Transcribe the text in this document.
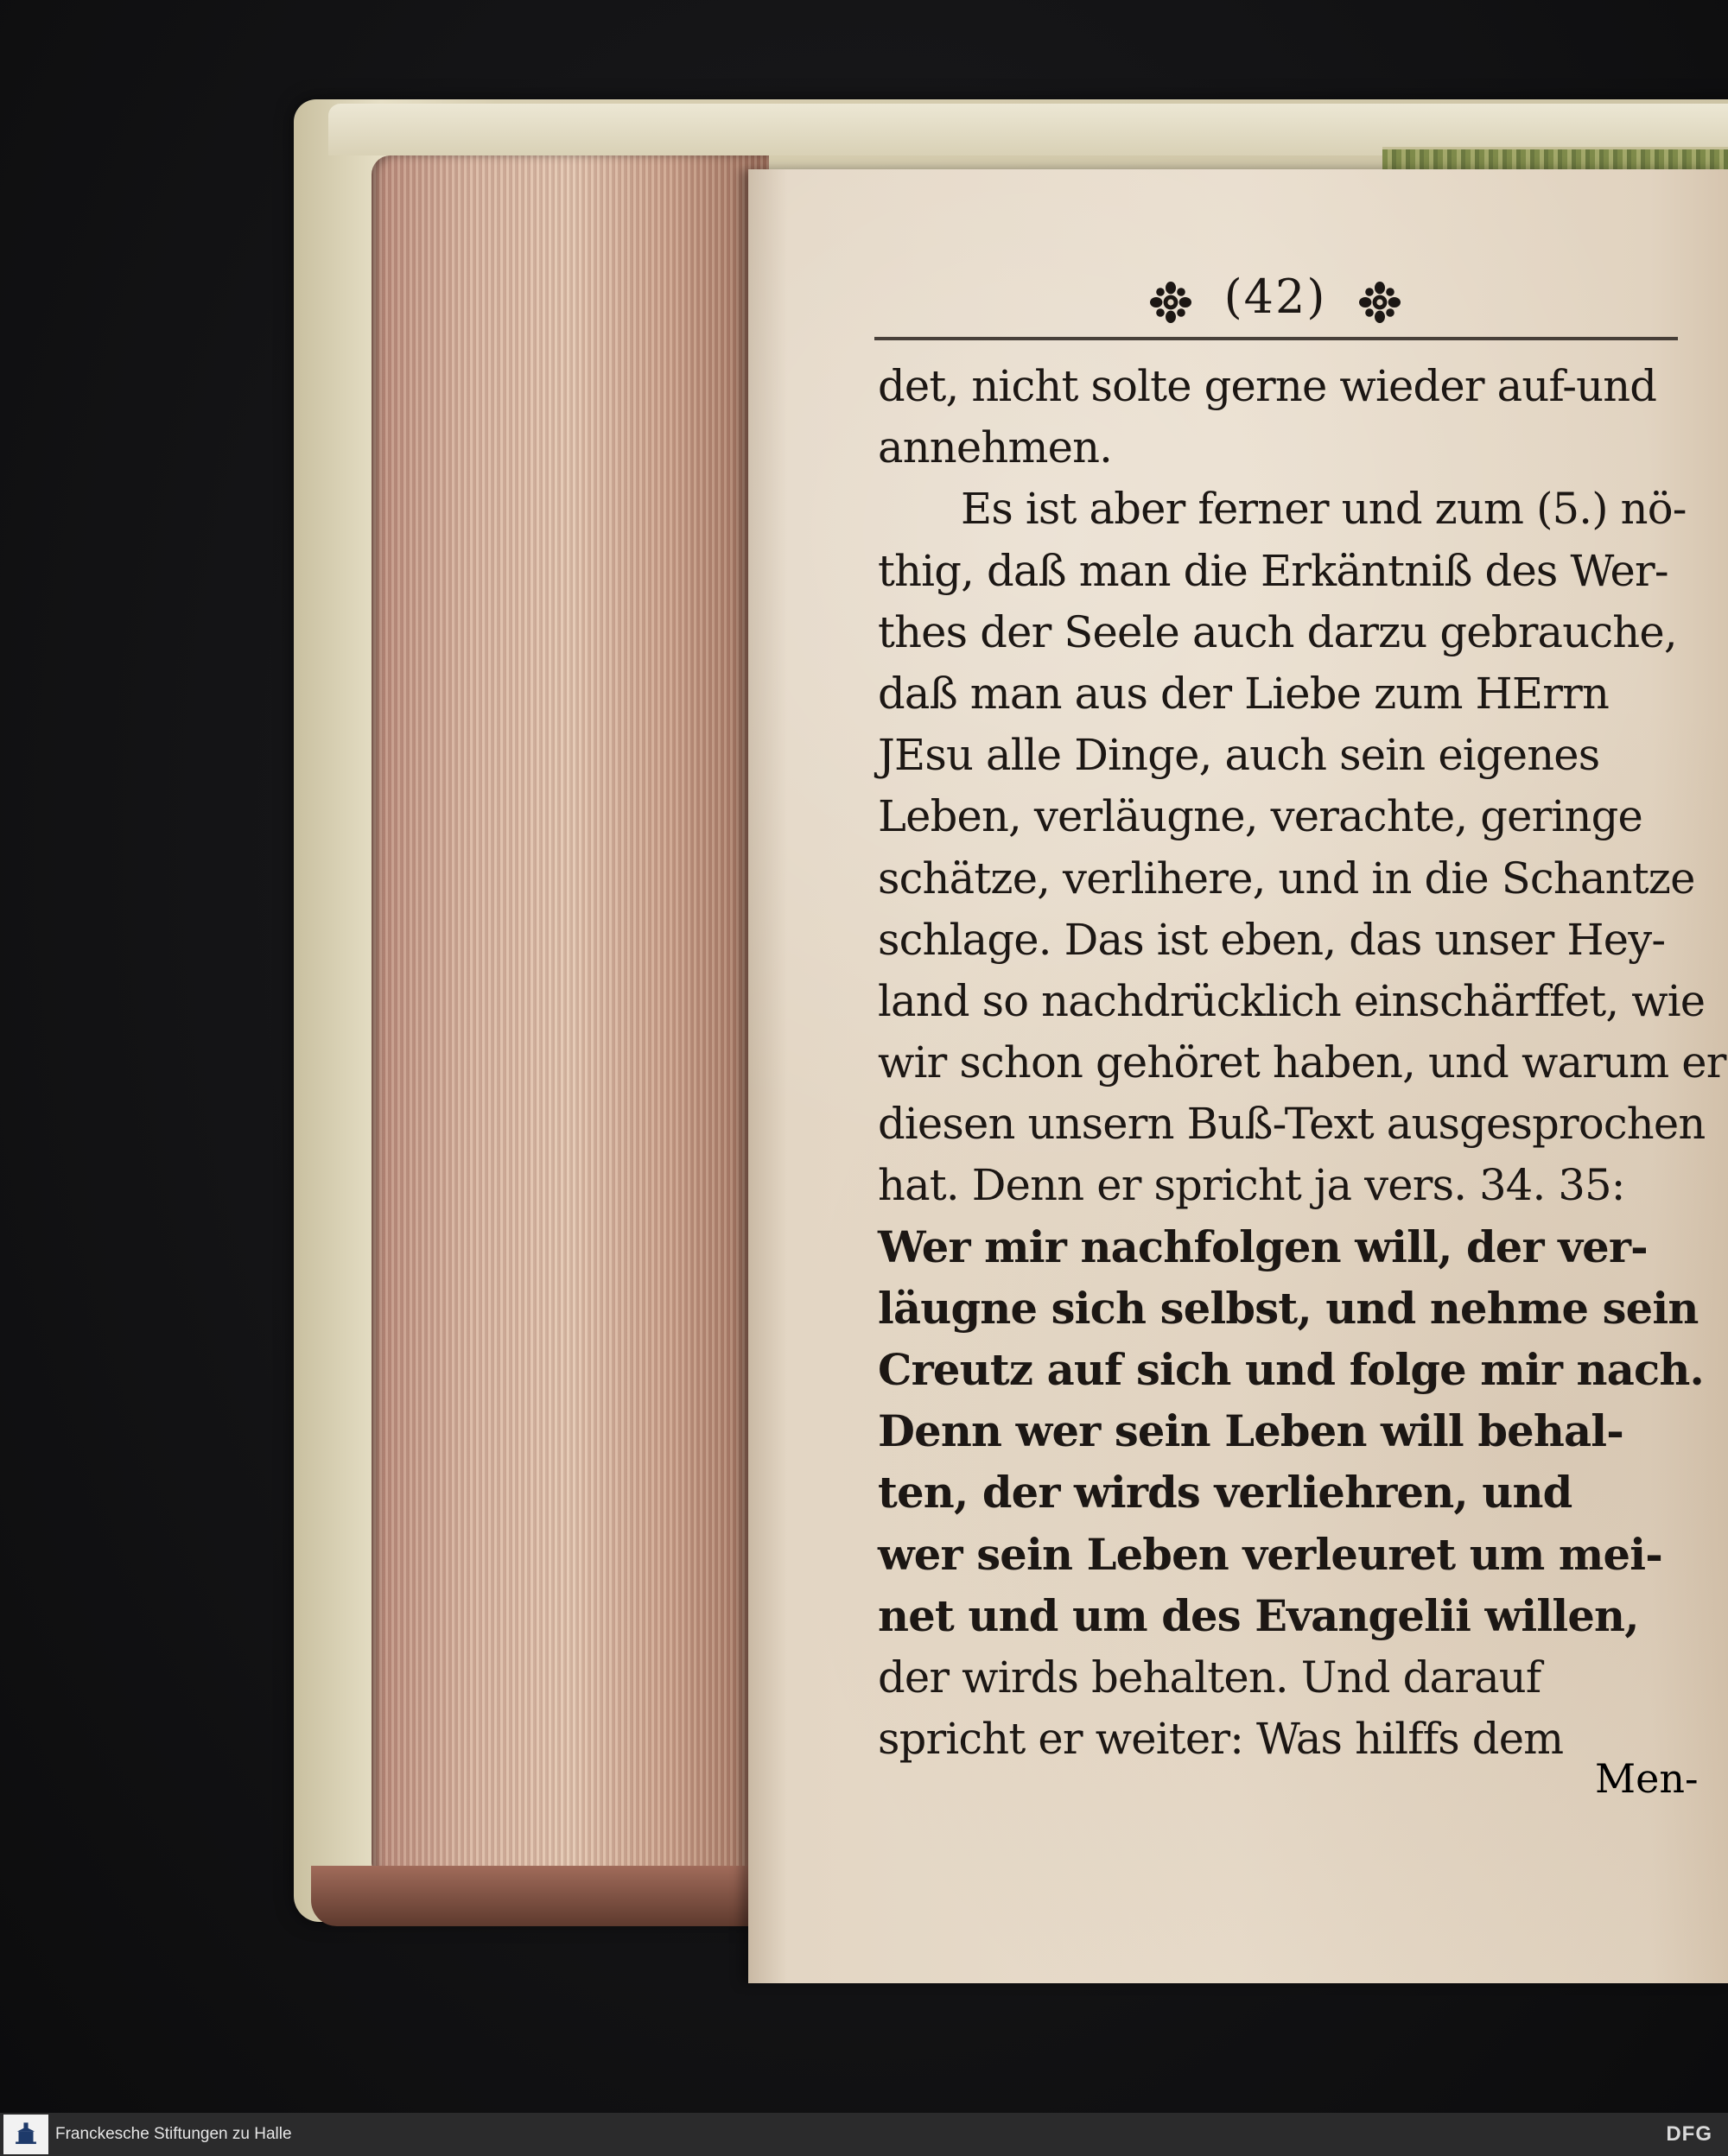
(42)
det, nicht solte gerne wieder auf-und
annehmen.
Es ist aber ferner und zum (5.) nö-
thig, daß man die Erkäntniß des Wer-
thes der Seele auch darzu gebrauche,
daß man aus der Liebe zum HErrn
JEsu alle Dinge, auch sein eigenes
Leben, verläugne, verachte, geringe
schätze, verlihere, und in die Schantze
schlage. Das ist eben, das unser Hey-
land so nachdrücklich einschärffet, wie
wir schon gehöret haben, und warum er
diesen unsern Buß-Text ausgesprochen
hat. Denn er spricht ja vers. 34. 35:
Wer mir nachfolgen will, der ver-
läugne sich selbst, und nehme sein
Creutz auf sich und folge mir nach.
Denn wer sein Leben will behal-
ten, der wirds verliehren, und
wer sein Leben verleuret um mei-
net und um des Evangelii willen,
der wirds behalten. Und darauf
spricht er weiter: Was hilffs dem
Men-
Franckesche Stiftungen zu Halle	DFG
